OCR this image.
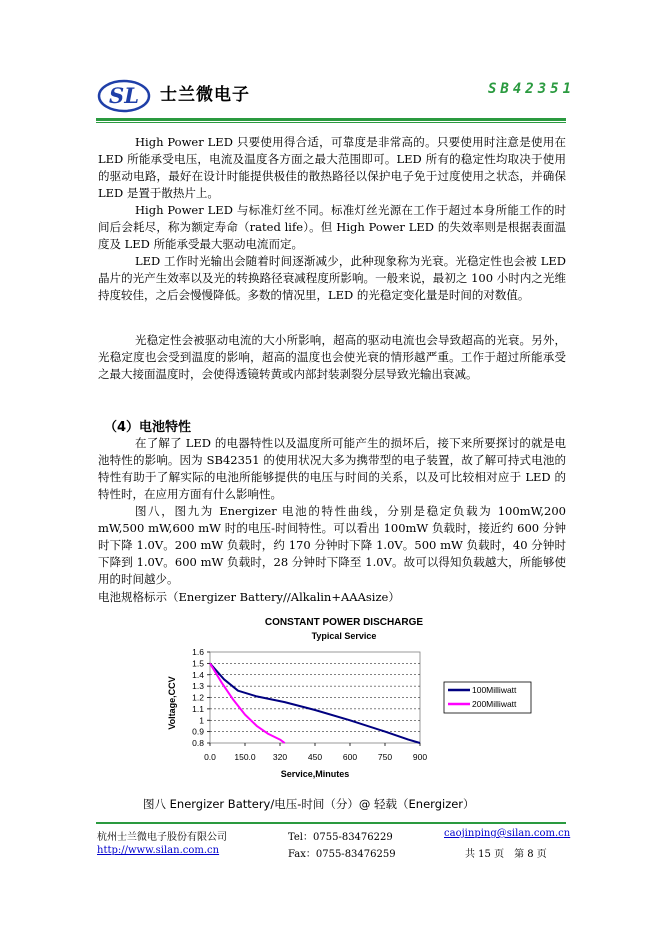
SL 士兰微电子	SB42351
High Power LED 只要使用得合适，可靠度是非常高的。只要使用时注意是使用在 LED 所能承受电压，电流及温度各方面之最大范围即可。LED 所有的稳定性均取决于使用的驱动电路，最好在设计时能提供极佳的散热路径以保护电子免于过度使用之状态，并确保 LED 是置于散热片上。
High Power LED 与标准灯丝不同。标准灯丝光源在工作于超过本身所能工作的时间后会耗尽，称为额定寿命（rated life）。但 High Power LED 的失效率则是根据表面温度及 LED 所能承受最大驱动电流而定。
LED 工作时光输出会随着时间逐渐减少，此种现象称为光衰。光稳定性也会被 LED 晶片的光产生效率以及光的转换路径衰减程度所影响。一般来说，最初之 100 小时内之光维持度较佳，之后会慢慢降低。多数的情况里，LED 的光稳定变化量是时间的对数值。
光稳定性会被驱动电流的大小所影响，超高的驱动电流也会导致超高的光衰。另外，光稳定度也会受到温度的影响，超高的温度也会使光衰的情形越严重。工作于超过所能承受之最大接面温度时，会使得透镜转黄或内部封装剥裂分层导致光输出衰减。
（4）电池特性
在了解了 LED 的电器特性以及温度所可能产生的损坏后，接下来所要探讨的就是电池特性的影响。因为 SB42351 的使用状况大多为携带型的电子装置，故了解可持式电池的特性有助于了解实际的电池所能够提供的电压与时间的关系，以及可比较相对应于 LED 的特性时，在应用方面有什么影响性。
图八，图九为 Energizer 电池的特性曲线，分别是稳定负载为 100mW,200 mW,500 mW,600 mW 时的电压-时间特性。可以看出 100mW 负载时，接近约 600 分钟时下降 1.0V。200 mW 负载时，约 170 分钟时下降 1.0V。500 mW 负载时，40 分钟时下降到 1.0V。600 mW 负载时，28 分钟时下降至 1.0V。故可以得知负载越大，所能够使用的时间越少。
电池规格标示（Energizer Battery//Alkalin+AAAsize）
CONSTANT POWER DISCHARGE
Typical Service
1.6
1.5
1.4
1.3
1.2
1.1
1
0.9
0.8
0.0 150.0 320 450 600 750 900
Voltage,CCV
Service,Minutes
100Milliwatt
200Milliwatt
图八 Energizer Battery/电压-时间（分）@ 轻载（Energizer）
杭州士兰微电子股份有限公司
http://www.silan.com.cn
Tel：0755-83476229
Fax：0755-83476259
caojinping@silan.com.cn
共 15 页　第 8 页
